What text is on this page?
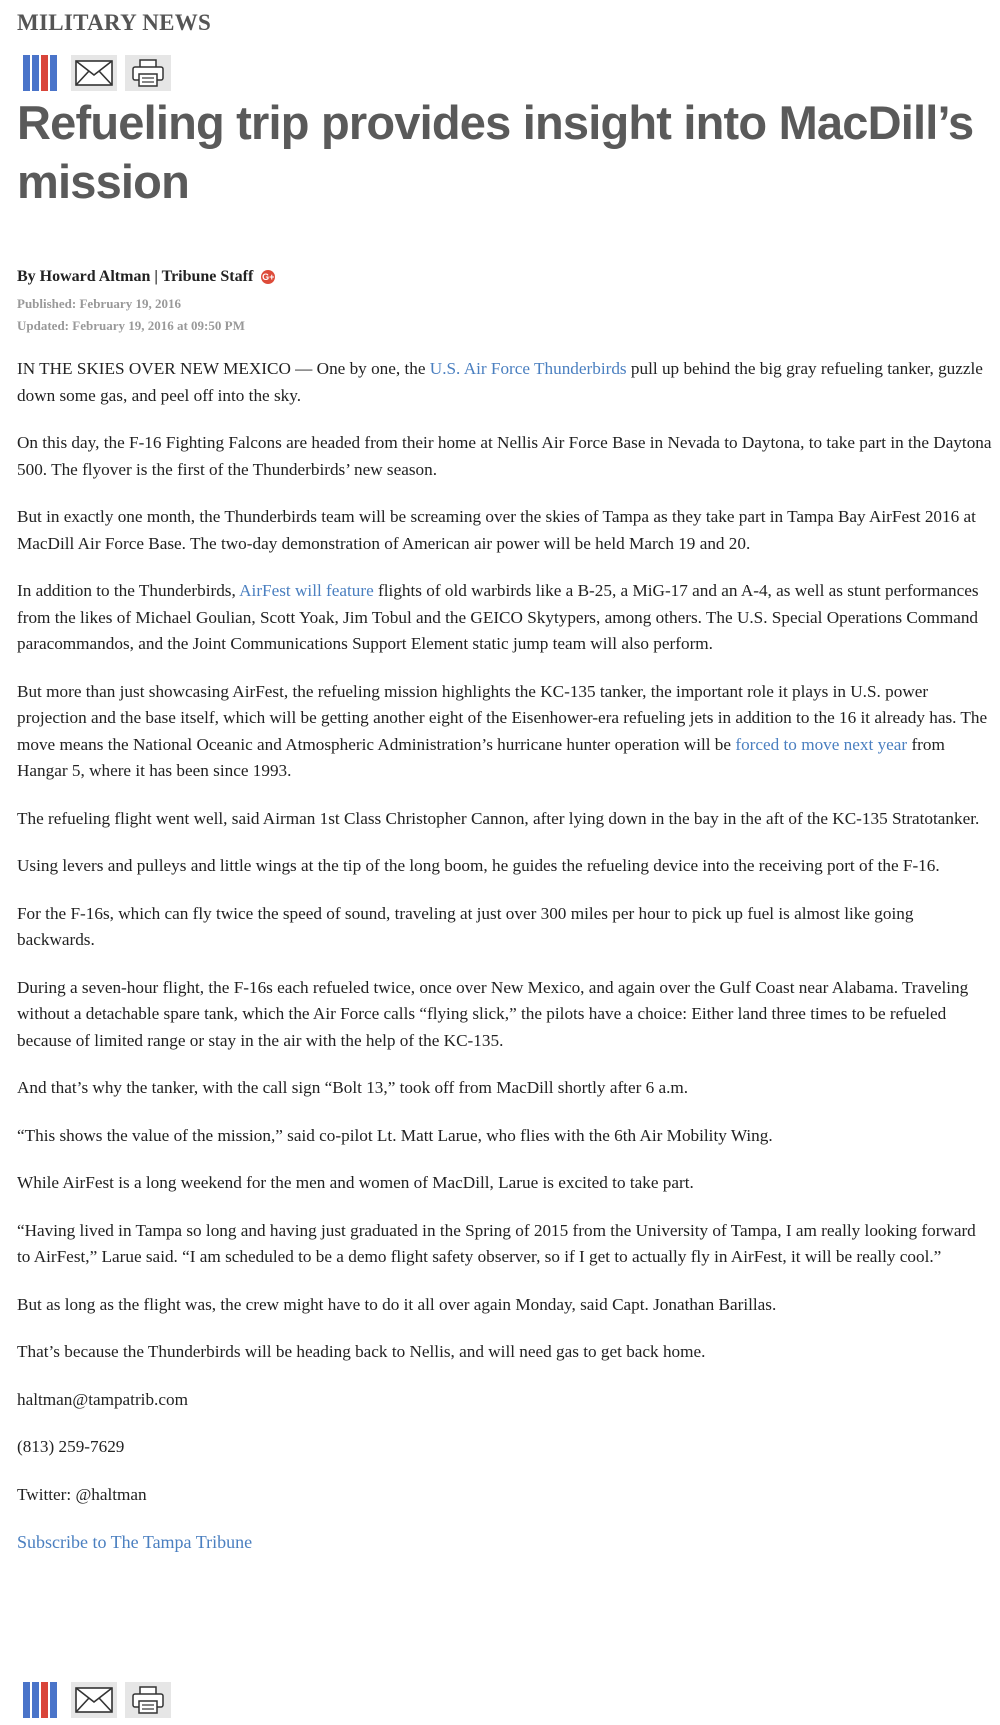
MILITARY NEWS
Refueling trip provides insight into MacDill’s mission
By Howard Altman | Tribune Staff G+
Published: February 19, 2016
Updated: February 19, 2016 at 09:50 PM

IN THE SKIES OVER NEW MEXICO — One by one, the U.S. Air Force Thunderbirds pull up behind the big gray refueling tanker, guzzle down some gas, and peel off into the sky.

On this day, the F-16 Fighting Falcons are headed from their home at Nellis Air Force Base in Nevada to Daytona, to take part in the Daytona 500. The flyover is the first of the Thunderbirds’ new season.

But in exactly one month, the Thunderbirds team will be screaming over the skies of Tampa as they take part in Tampa Bay AirFest 2016 at MacDill Air Force Base. The two-day demonstration of American air power will be held March 19 and 20.

In addition to the Thunderbirds, AirFest will feature flights of old warbirds like a B-25, a MiG-17 and an A-4, as well as stunt performances from the likes of Michael Goulian, Scott Yoak, Jim Tobul and the GEICO Skytypers, among others. The U.S. Special Operations Command paracommandos, and the Joint Communications Support Element static jump team will also perform.

But more than just showcasing AirFest, the refueling mission highlights the KC-135 tanker, the important role it plays in U.S. power projection and the base itself, which will be getting another eight of the Eisenhower-era refueling jets in addition to the 16 it already has. The move means the National Oceanic and Atmospheric Administration’s hurricane hunter operation will be forced to move next year from Hangar 5, where it has been since 1993.

The refueling flight went well, said Airman 1st Class Christopher Cannon, after lying down in the bay in the aft of the KC-135 Stratotanker.

Using levers and pulleys and little wings at the tip of the long boom, he guides the refueling device into the receiving port of the F-16.

For the F-16s, which can fly twice the speed of sound, traveling at just over 300 miles per hour to pick up fuel is almost like going backwards.

During a seven-hour flight, the F-16s each refueled twice, once over New Mexico, and again over the Gulf Coast near Alabama. Traveling without a detachable spare tank, which the Air Force calls “flying slick,” the pilots have a choice: Either land three times to be refueled because of limited range or stay in the air with the help of the KC-135.

And that’s why the tanker, with the call sign “Bolt 13,” took off from MacDill shortly after 6 a.m.

“This shows the value of the mission,” said co-pilot Lt. Matt Larue, who flies with the 6th Air Mobility Wing.

While AirFest is a long weekend for the men and women of MacDill, Larue is excited to take part.

“Having lived in Tampa so long and having just graduated in the Spring of 2015 from the University of Tampa, I am really looking forward to AirFest,” Larue said. “I am scheduled to be a demo flight safety observer, so if I get to actually fly in AirFest, it will be really cool.”

But as long as the flight was, the crew might have to do it all over again Monday, said Capt. Jonathan Barillas.

That’s because the Thunderbirds will be heading back to Nellis, and will need gas to get back home.

haltman@tampatrib.com

(813) 259-7629

Twitter: @haltman

Subscribe to The Tampa Tribune
